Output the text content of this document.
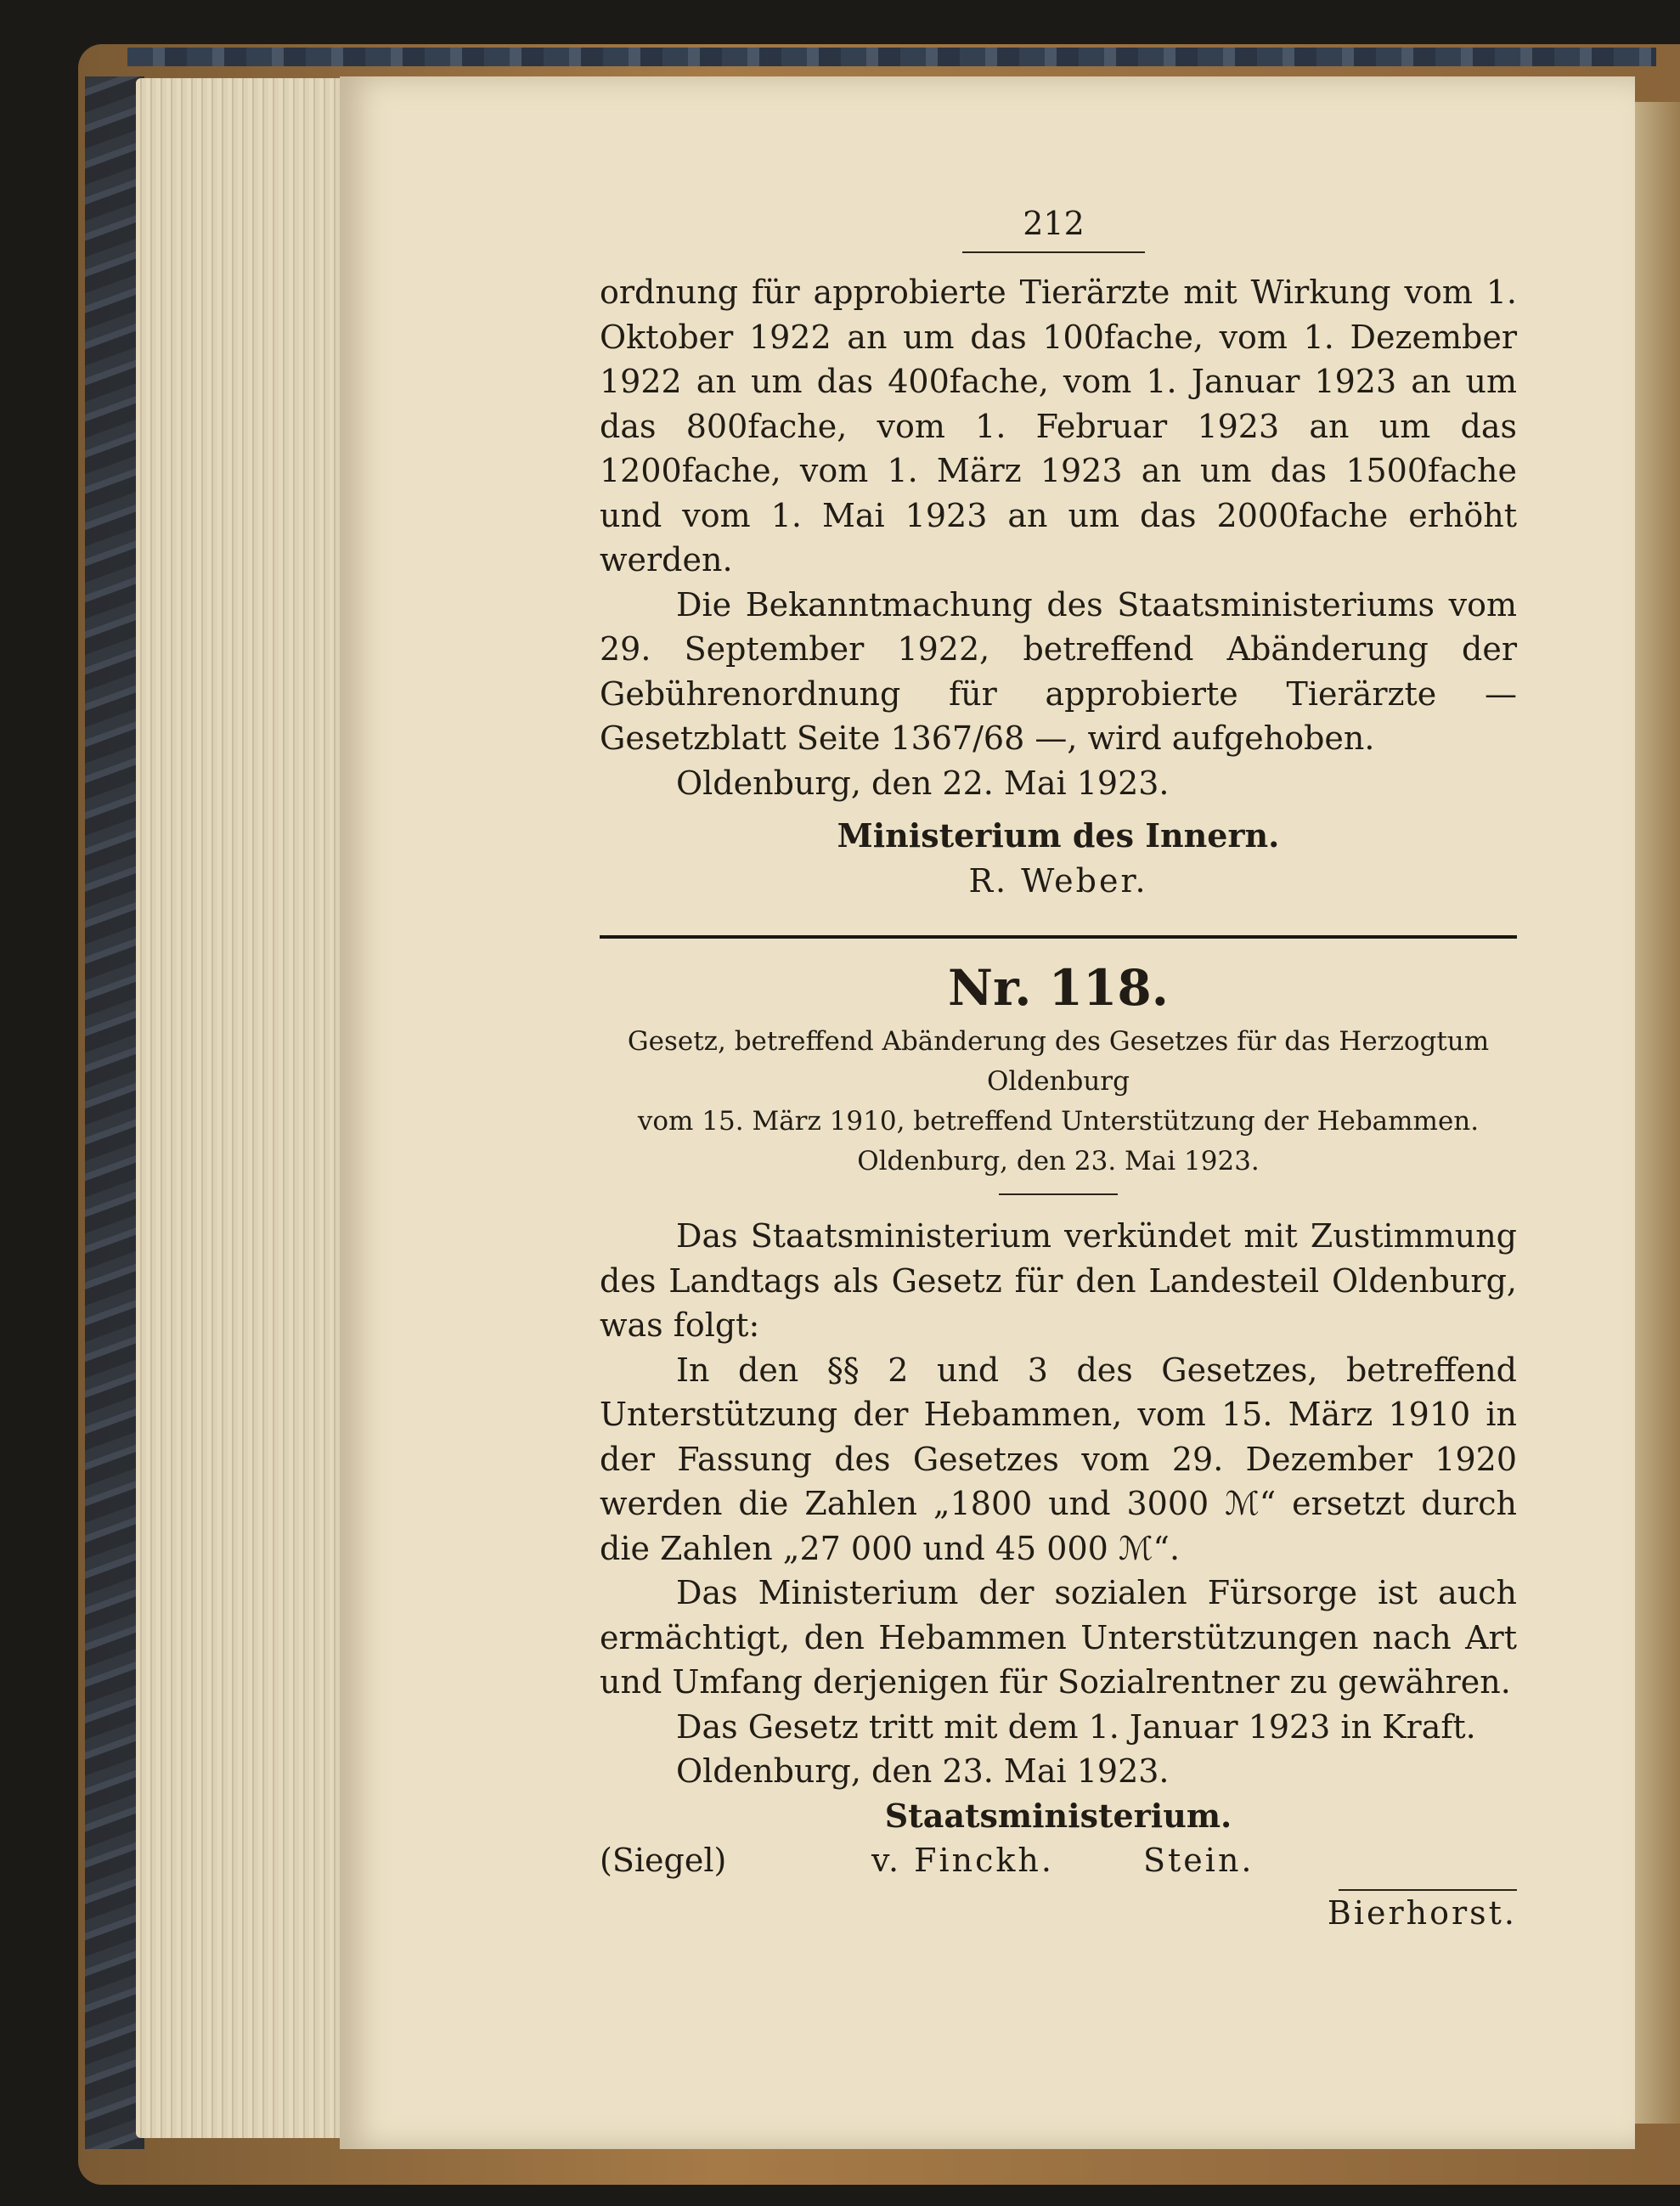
212
ordnung für approbierte Tierärzte mit Wirkung vom 1. Oktober 1922 an um das 100fache, vom 1. Dezember 1922 an um das 400fache, vom 1. Januar 1923 an um das 800fache, vom 1. Februar 1923 an um das 1200fache, vom 1. März 1923 an um das 1500fache und vom 1. Mai 1923 an um das 2000fache erhöht werden.
Die Bekanntmachung des Staatsministeriums vom 29. September 1922, betreffend Abänderung der Gebührenordnung für approbierte Tierärzte — Gesetzblatt Seite 1367/68 —, wird aufgehoben.
Oldenburg, den 22. Mai 1923.
Ministerium des Innern.
R. Weber.
Nr. 118.
Gesetz, betreffend Abänderung des Gesetzes für das Herzogtum Oldenburg
vom 15. März 1910, betreffend Unterstützung der Hebammen.
Oldenburg, den 23. Mai 1923.
Das Staatsministerium verkündet mit Zustimmung des Landtags als Gesetz für den Landesteil Oldenburg, was folgt:
In den §§ 2 und 3 des Gesetzes, betreffend Unterstützung der Hebammen, vom 15. März 1910 in der Fassung des Gesetzes vom 29. Dezember 1920 werden die Zahlen „1800 und 3000 ℳ“ ersetzt durch die Zahlen „27 000 und 45 000 ℳ“.
Das Ministerium der sozialen Fürsorge ist auch ermächtigt, den Hebammen Unterstützungen nach Art und Umfang derjenigen für Sozialrentner zu gewähren.
Das Gesetz tritt mit dem 1. Januar 1923 in Kraft.
Oldenburg, den 23. Mai 1923.
Staatsministerium.
(Siegel)	v. Finckh.	Stein.
Bierhorst.
